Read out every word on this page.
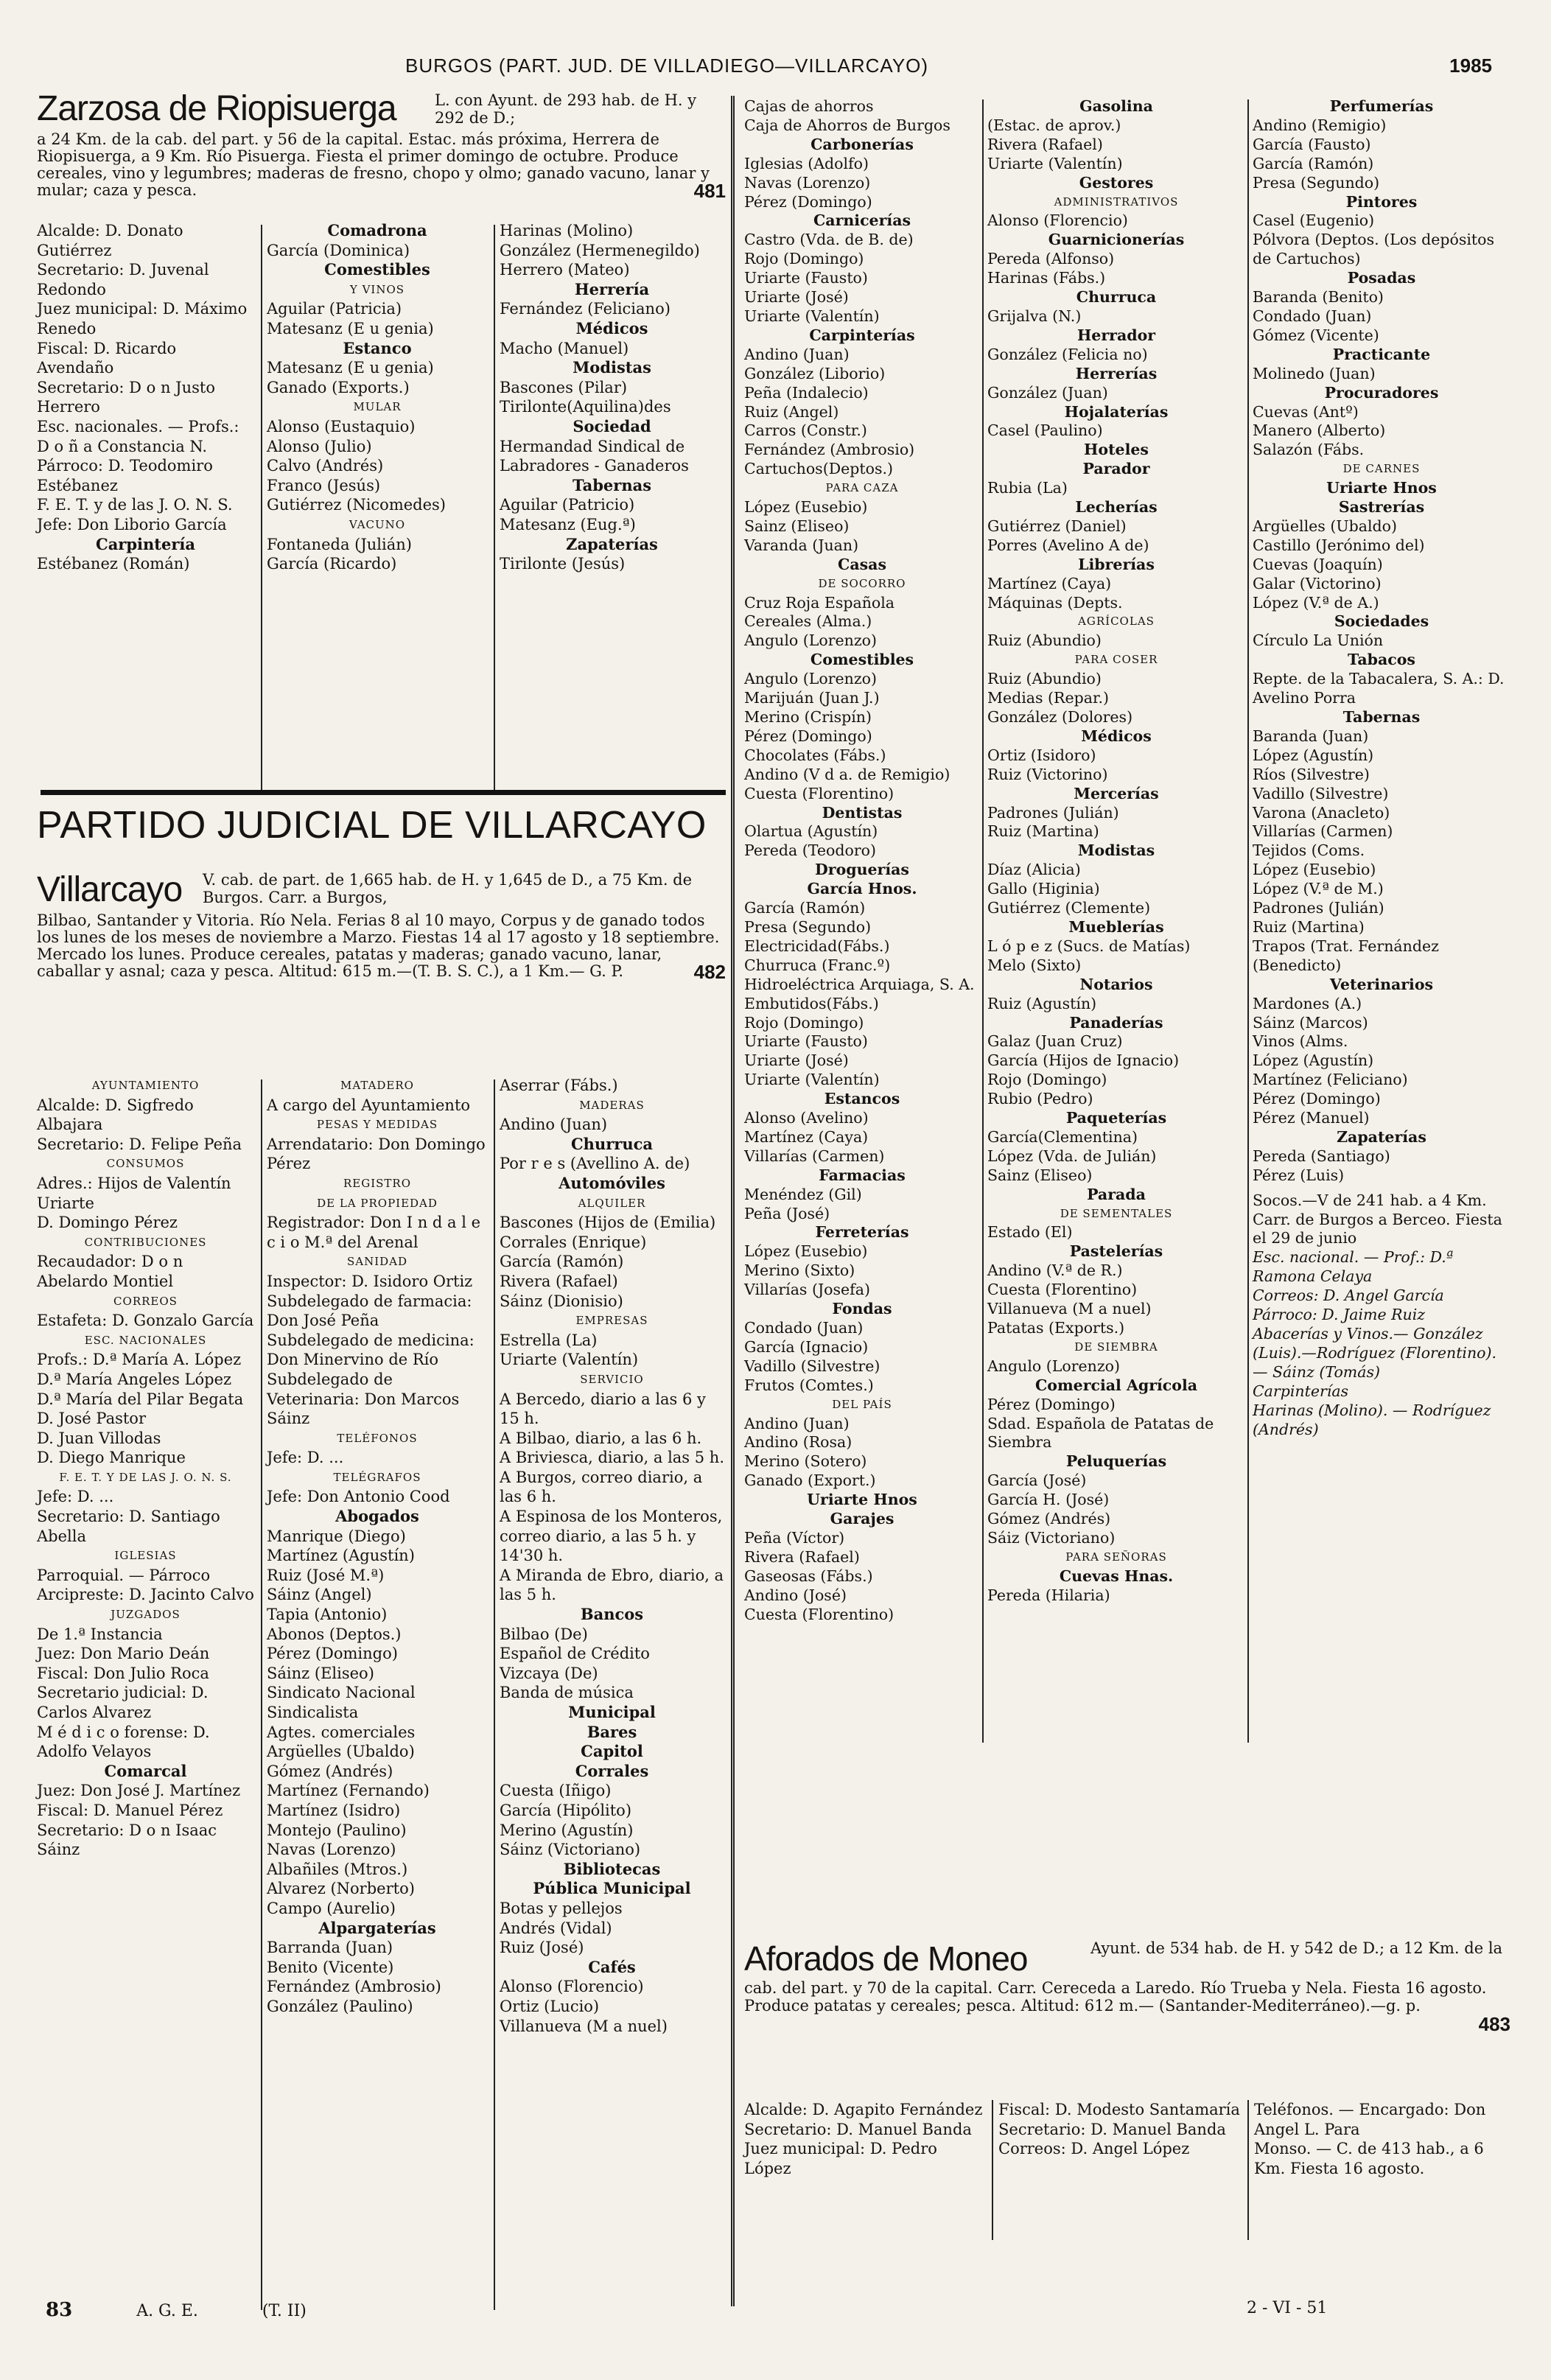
BURGOS (PART. JUD. DE VILLADIEGO—VILLARCAYO)	1985
Zarzosa de Riopisuerga L. con Ayunt. de 293 hab. de H. y 292 de D.;

a 24 Km. de la cab. del part. y 56 de la capital. Estac. más próxima, Herrera de Riopisuerga, a 9 Km. Río Pisuerga. Fiesta el primer domingo de octubre. Produce cereales, vino y legumbres; maderas de fresno, chopo y olmo; ganado vacuno, lanar y mular; caza y pesca.	481

Alcalde: D. Donato Gutiérrez

Secretario: D. Juvenal Redondo

Juez municipal: D. Máximo Renedo

Fiscal: D. Ricardo Avendaño

Secretario: D o n Justo Herrero

Esc. nacionales. — Profs.: D o ñ a Constancia N.

Párroco: D. Teodomiro Estébanez

F. E. T. y de las J. O. N. S.

Jefe: Don Liborio García

Carpintería

Estébanez (Román)

Comadrona

García (Dominica)

Comestibles

Y VINOS

Aguilar (Patricia)

Matesanz (E u genia)

Estanco

Matesanz (E u genia)

Ganado (Exports.)

MULAR

Alonso (Eustaquio)

Alonso (Julio)

Calvo (Andrés)

Franco (Jesús)

Gutiérrez (Nicomedes)

VACUNO

Fontaneda (Julián)

García (Ricardo)

Harinas (Molino)

González (Hermenegildo)

Herrero (Mateo)

Herrería

Fernández (Feliciano)

Médicos

Macho (Manuel)

Modistas

Bascones (Pilar)

Tirilonte(Aquilina)des

Sociedad

Hermandad Sindical de Labradores - Ganaderos

Tabernas

Aguilar (Patricio)

Matesanz (Eug.ª)

Zapaterías

Tirilonte (Jesús)

PARTIDO JUDICIAL DE VILLARCAYO
Villarcayo V. cab. de part. de 1,665 hab. de H. y 1,645 de D., a 75 Km. de Burgos. Carr. a Burgos,

Bilbao, Santander y Vitoria. Río Nela. Ferias 8 al 10 mayo, Corpus y de ganado todos los lunes de los meses de noviembre a Marzo. Fiestas 14 al 17 agosto y 18 septiembre. Mercado los lunes. Produce cereales, patatas y maderas; ganado vacuno, lanar, caballar y asnal; caza y pesca. Altitud: 615 m.—(T. B. S. C.), a 1 Km.— G. P.	482

AYUNTAMIENTO

Alcalde: D. Sigfredo Albajara

Secretario: D. Felipe Peña

CONSUMOS

Adres.: Hijos de Valentín Uriarte

D. Domingo Pérez

CONTRIBUCIONES

Recaudador: D o n Abelardo Montiel

CORREOS

Estafeta: D. Gonzalo García

ESC. NACIONALES

Profs.: D.ª María A. López

D.ª María Angeles López

D.ª María del Pilar Begata

D. José Pastor

D. Juan Villodas

D. Diego Manrique

F. E. T. Y DE LAS J. O. N. S.

Jefe: D. ...

Secretario: D. Santiago Abella

IGLESIAS

Parroquial. — Párroco Arcipreste: D. Jacinto Calvo

JUZGADOS

De 1.ª Instancia

Juez: Don Mario Deán

Fiscal: Don Julio Roca

Secretario judicial: D. Carlos Alvarez

M é d i c o forense: D. Adolfo Velayos

Comarcal

Juez: Don José J. Martínez

Fiscal: D. Manuel Pérez

Secretario: D o n Isaac Sáinz

MATADERO

A cargo del Ayuntamiento

PESAS Y MEDIDAS

Arrendatario: Don Domingo Pérez

REGISTRO

DE LA PROPIEDAD

Registrador: Don I n d a l e c i o M.ª del Arenal

SANIDAD

Inspector: D. Isidoro Ortiz

Subdelegado de farmacia: Don José Peña

Subdelegado de medicina: Don Minervino de Río

Subdelegado de Veterinaria: Don Marcos Sáinz

TELÉFONOS

Jefe: D. ...

TELÉGRAFOS

Jefe: Don Antonio Cood

Abogados

Manrique (Diego)

Martínez (Agustín)

Ruiz (José M.ª)

Sáinz (Angel)

Tapia (Antonio)

Abonos (Deptos.)

Pérez (Domingo)

Sáinz (Eliseo)

Sindicato Nacional Sindicalista

Agtes. comerciales

Argüelles (Ubaldo)

Gómez (Andrés)

Martínez (Fernando)

Martínez (Isidro)

Montejo (Paulino)

Navas (Lorenzo)

Albañiles (Mtros.)

Alvarez (Norberto)

Campo (Aurelio)

Alpargaterías

Barranda (Juan)

Benito (Vicente)

Fernández (Ambrosio)

González (Paulino)

Aserrar (Fábs.)

MADERAS

Andino (Juan)

Churruca

Por r e s (Avellino A. de)

Automóviles

ALQUILER

Bascones (Hijos de (Emilia)

Corrales (Enrique)

García (Ramón)

Rivera (Rafael)

Sáinz (Dionisio)

EMPRESAS

Estrella (La)

Uriarte (Valentín)

SERVICIO

A Bercedo, diario a las 6 y 15 h.

A Bilbao, diario, a las 6 h.

A Briviesca, diario, a las 5 h.

A Burgos, correo diario, a las 6 h.

A Espinosa de los Monteros, correo diario, a las 5 h. y 14'30 h.

A Miranda de Ebro, diario, a las 5 h.

Bancos

Bilbao (De)

Español de Crédito

Vizcaya (De)

Banda de música

Municipal

Bares

Capitol

Corrales

Cuesta (Iñigo)

García (Hipólito)

Merino (Agustín)

Sáinz (Victoriano)

Bibliotecas

Pública Municipal

Botas y pellejos

Andrés (Vidal)

Ruiz (José)

Cafés

Alonso (Florencio)

Ortiz (Lucio)

Villanueva (M a nuel)

Cajas de ahorros

Caja de Ahorros de Burgos

Carbonerías

Iglesias (Adolfo)

Navas (Lorenzo)

Pérez (Domingo)

Carnicerías

Castro (Vda. de B. de)

Rojo (Domingo)

Uriarte (Fausto)

Uriarte (José)

Uriarte (Valentín)

Carpinterías

Andino (Juan)

González (Liborio)

Peña (Indalecio)

Ruiz (Angel)

Carros (Constr.)

Fernández (Ambrosio)

Cartuchos(Deptos.)

PARA CAZA

López (Eusebio)

Sainz (Eliseo)

Varanda (Juan)

Casas

DE SOCORRO

Cruz Roja Española

Cereales (Alma.)

Angulo (Lorenzo)

Comestibles

Angulo (Lorenzo)

Marijuán (Juan J.)

Merino (Crispín)

Pérez (Domingo)

Chocolates (Fábs.)

Andino (V d a. de Remigio)

Cuesta (Florentino)

Dentistas

Olartua (Agustín)

Pereda (Teodoro)

Droguerías

García Hnos.

García (Ramón)

Presa (Segundo)

Electricidad(Fábs.)

Churruca (Franc.º)

Hidroeléctrica Arquiaga, S. A.

Embutidos(Fábs.)

Rojo (Domingo)

Uriarte (Fausto)

Uriarte (José)

Uriarte (Valentín)

Estancos

Alonso (Avelino)

Martínez (Caya)

Villarías (Carmen)

Farmacias

Menéndez (Gil)

Peña (José)

Ferreterías

López (Eusebio)

Merino (Sixto)

Villarías (Josefa)

Fondas

Condado (Juan)

García (Ignacio)

Vadillo (Silvestre)

Frutos (Comtes.)

DEL PAÍS

Andino (Juan)

Andino (Rosa)

Merino (Sotero)

Ganado (Export.)

Uriarte Hnos

Garajes

Peña (Víctor)

Rivera (Rafael)

Gaseosas (Fábs.)

Andino (José)

Cuesta (Florentino)

Gasolina

(Estac. de aprov.)

Rivera (Rafael)

Uriarte (Valentín)

Gestores

ADMINISTRATIVOS

Alonso (Florencio)

Guarnicionerías

Pereda (Alfonso)

Harinas (Fábs.)

Churruca

Grijalva (N.)

Herrador

González (Felicia no)

Herrerías

González (Juan)

Hojalaterías

Casel (Paulino)

Hoteles

Parador

Rubia (La)

Lecherías

Gutiérrez (Daniel)

Porres (Avelino A de)

Librerías

Martínez (Caya)

Máquinas (Depts.

AGRÍCOLAS

Ruiz (Abundio)

PARA COSER

Ruiz (Abundio)

Medias (Repar.)

González (Dolores)

Médicos

Ortiz (Isidoro)

Ruiz (Victorino)

Mercerías

Padrones (Julián)

Ruiz (Martina)

Modistas

Díaz (Alicia)

Gallo (Higinia)

Gutiérrez (Clemente)

Mueblerías

L ó p e z (Sucs. de Matías)

Melo (Sixto)

Notarios

Ruiz (Agustín)

Panaderías

Galaz (Juan Cruz)

García (Hijos de Ignacio)

Rojo (Domingo)

Rubio (Pedro)

Paqueterías

García(Clementina)

López (Vda. de Julián)

Sainz (Eliseo)

Parada

DE SEMENTALES

Estado (El)

Pastelerías

Andino (V.ª de R.)

Cuesta (Florentino)

Villanueva (M a nuel)

Patatas (Exports.)

DE SIEMBRA

Angulo (Lorenzo)

Comercial Agrícola

Pérez (Domingo)

Sdad. Española de Patatas de Siembra

Peluquerías

García (José)

García H. (José)

Gómez (Andrés)

Sáiz (Victoriano)

PARA SEÑORAS

Cuevas Hnas.

Pereda (Hilaria)

Perfumerías

Andino (Remigio)

García (Fausto)

García (Ramón)

Presa (Segundo)

Pintores

Casel (Eugenio)

Pólvora (Deptos. (Los depósitos de Cartuchos)

Posadas

Baranda (Benito)

Condado (Juan)

Gómez (Vicente)

Practicante

Molinedo (Juan)

Procuradores

Cuevas (Antº)

Manero (Alberto)

Salazón (Fábs.

DE CARNES

Uriarte Hnos

Sastrerías

Argüelles (Ubaldo)

Castillo (Jerónimo del)

Cuevas (Joaquín)

Galar (Victorino)

López (V.ª de A.)

Sociedades

Círculo La Unión

Tabacos

Repte. de la Tabacalera, S. A.: D. Avelino Porra

Tabernas

Baranda (Juan)

López (Agustín)

Ríos (Silvestre)

Vadillo (Silvestre)

Varona (Anacleto)

Villarías (Carmen)

Tejidos (Coms.

López (Eusebio)

López (V.ª de M.)

Padrones (Julián)

Ruiz (Martina)

Trapos (Trat. Fernández (Benedicto)

Veterinarios

Mardones (A.)

Sáinz (Marcos)

Vinos (Alms.

López (Agustín)

Martínez (Feliciano)

Pérez (Domingo)

Pérez (Manuel)

Zapaterías

Pereda (Santiago)

Pérez (Luis)

Socos.—V de 241 hab. a 4 Km. Carr. de Burgos a Berceo. Fiesta el 29 de junio

Esc. nacional. — Prof.: D.ª Ramona Celaya

Correos: D. Angel García

Párroco: D. Jaime Ruiz

Abacerías y Vinos.— González (Luis).—Rodríguez (Florentino). — Sáinz (Tomás)

Carpinterías

Harinas (Molino). — Rodríguez (Andrés)

Aforados de Moneo	Ayunt. de 534 hab. de H. y 542 de D.; a 12 Km. de la

cab. del part. y 70 de la capital. Carr. Cereceda a Laredo. Río Trueba y Nela. Fiesta 16 agosto. Produce patatas y cereales; pesca. Altitud: 612 m.— (Santander-Mediterráneo).—g. p.

483

Alcalde: D. Agapito Fernández

Secretario: D. Manuel Banda

Juez municipal: D. Pedro López

Fiscal: D. Modesto Santamaría

Secretario: D. Manuel Banda

Correos: D. Angel López

Teléfonos. — Encargado: Don Angel L. Para

Monso. — C. de 413 hab., a 6 Km. Fiesta 16 agosto.

83	A. G. E.	(T. II)	2 - VI - 51
